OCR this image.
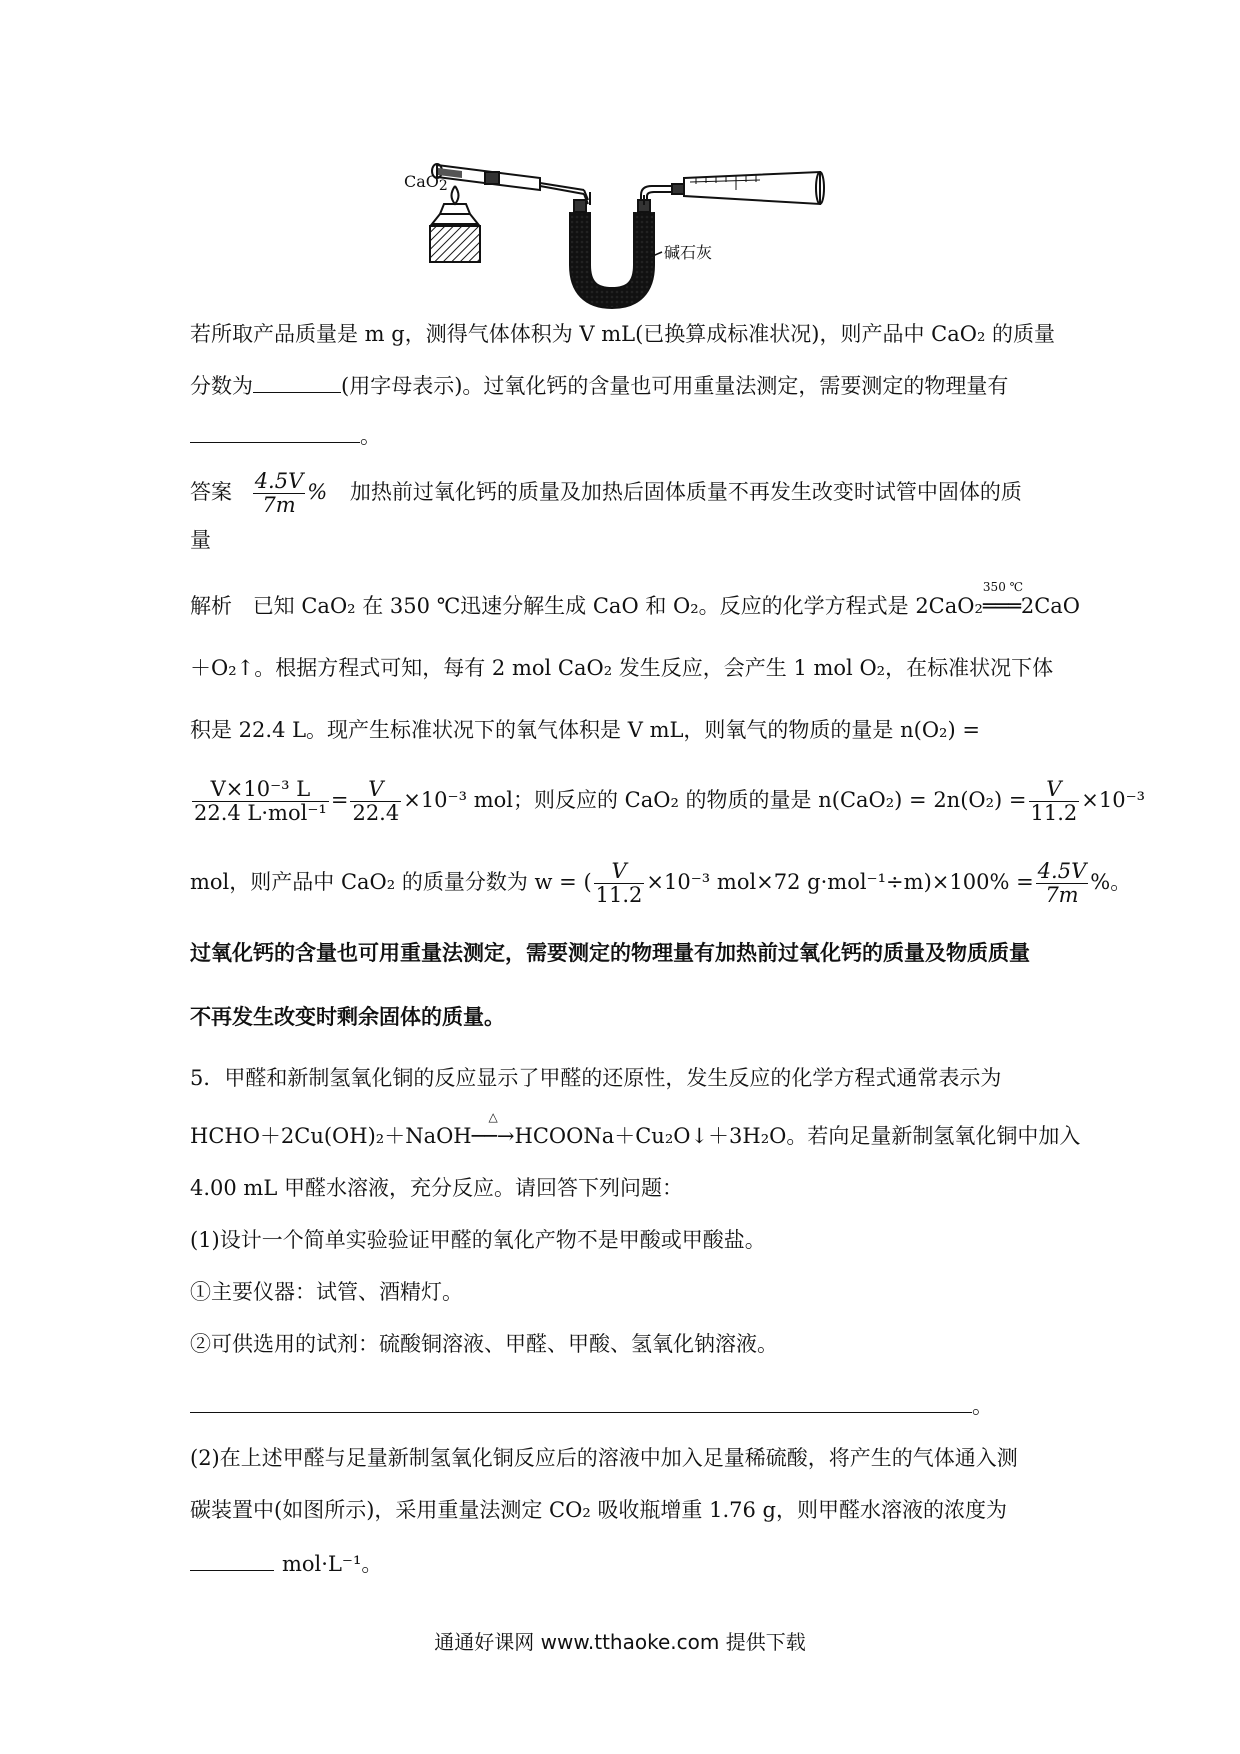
CaO$_2$
碱石灰
若所取产品质量是 m g，测得气体体积为 V mL(已换算成标准状况)，则产品中 CaO₂ 的质量
分数为	(用字母表示)。过氧化钙的含量也可用重量法测定，需要测定的物理量有
。
答案 $\frac{4.5V}{7m}$ % 加热前过氧化钙的质量及加热后固体质量不再发生改变时试管中固体的质
量
解析 已知 CaO₂ 在 350 ℃迅速分解生成 CaO 和 O₂。反应的化学方程式是 2CaO₂
350 ℃
═══2CaO
＋O₂↑。根据方程式可知，每有 2 mol CaO₂ 发生反应，会产生 1 mol O₂，在标准状况下体
积是 22.4 L。现产生标准状况下的氧气体积是 V mL，则氧气的物质的量是 n(O₂) =
$\frac{\text{V×10⁻³ L}}{\text{22.4 L·mol⁻¹}} = \frac{V}{22.4} \times 10^{-3}$ mol；则反应的 CaO₂ 的物质的量是 $n(CaO_2) = 2n(O_2) = \frac{V}{11.2} \times 10^{-3}$
mol，则产品中 CaO₂ 的质量分数为 w = ( $\frac{V}{11.2} \times 10^{-3}$ mol×72 $g\cdot mol^{-1}\div m)\times 100\% = \frac{4.5V}{7m}$ %。
过氧化钙的含量也可用重量法测定，需要测定的物理量有加热前过氧化钙的质量及物质质量
不再发生改变时剩余固体的质量。
5．甲醛和新制氢氧化铜的反应显示了甲醛的还原性，发生反应的化学方程式通常表示为
HCHO＋2Cu(OH)₂＋NaOH
△
──→HCOONa＋Cu₂O↓＋3H₂O。若向足量新制氢氧化铜中加入
4.00 mL 甲醛水溶液，充分反应。请回答下列问题：
(1)设计一个简单实验验证甲醛的氧化产物不是甲酸或甲酸盐。
①主要仪器：试管、酒精灯。
②可供选用的试剂：硫酸铜溶液、甲醛、甲酸、氢氧化钠溶液。
。
(2)在上述甲醛与足量新制氢氧化铜反应后的溶液中加入足量稀硫酸，将产生的气体通入测
碳装置中(如图所示)，采用重量法测定 CO₂ 吸收瓶增重 1.76 g，则甲醛水溶液的浓度为
mol·L⁻¹。
通通好课网 www.tthaoke.com 提供下载
